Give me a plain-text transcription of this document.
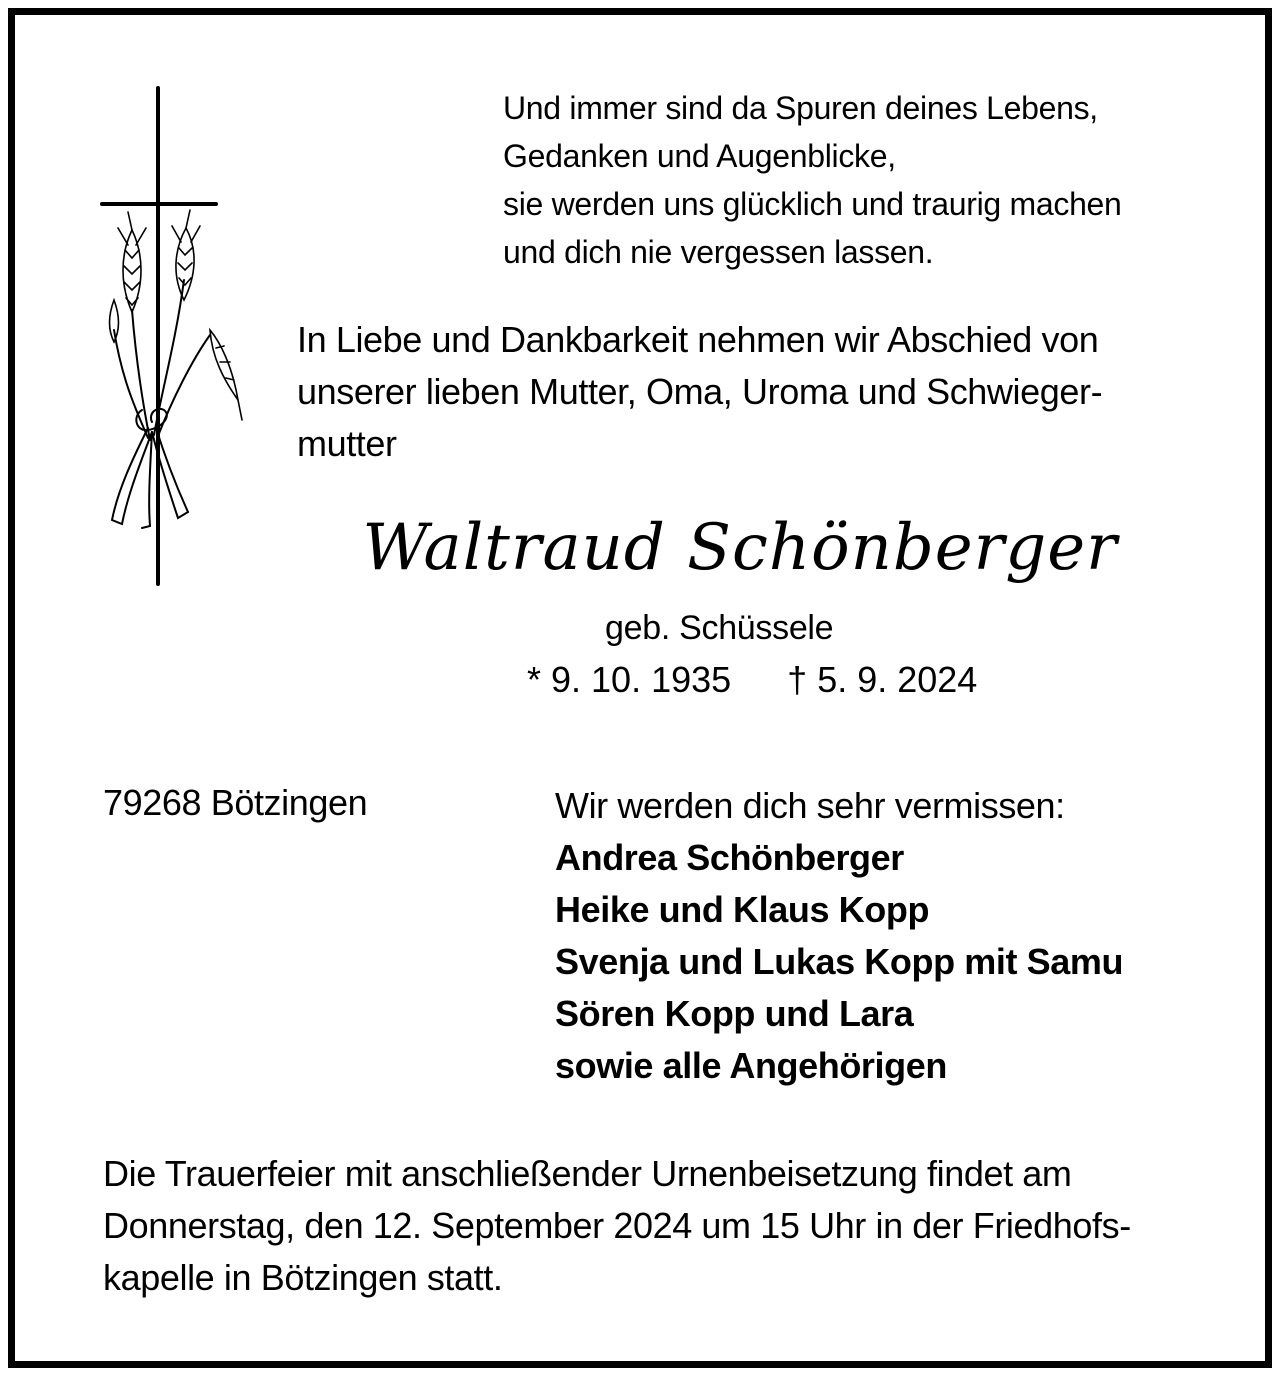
Und immer sind da Spuren deines Lebens,
Gedanken und Augenblicke,
sie werden uns glücklich und traurig machen
und dich nie vergessen lassen.
In Liebe und Dankbarkeit nehmen wir Abschied von
unserer lieben Mutter, Oma, Uroma und Schwieger-
mutter
Waltraud Schönberger
geb. Schüssele
* 9. 10. 1935 † 5. 9. 2024
79268 Bötzingen	Wir werden dich sehr vermissen:
Andrea Schönberger
Heike und Klaus Kopp
Svenja und Lukas Kopp mit Samu
Sören Kopp und Lara
sowie alle Angehörigen
Die Trauerfeier mit anschließender Urnenbeisetzung findet am
Donnerstag, den 12. September 2024 um 15 Uhr in der Friedhofs-
kapelle in Bötzingen statt.
